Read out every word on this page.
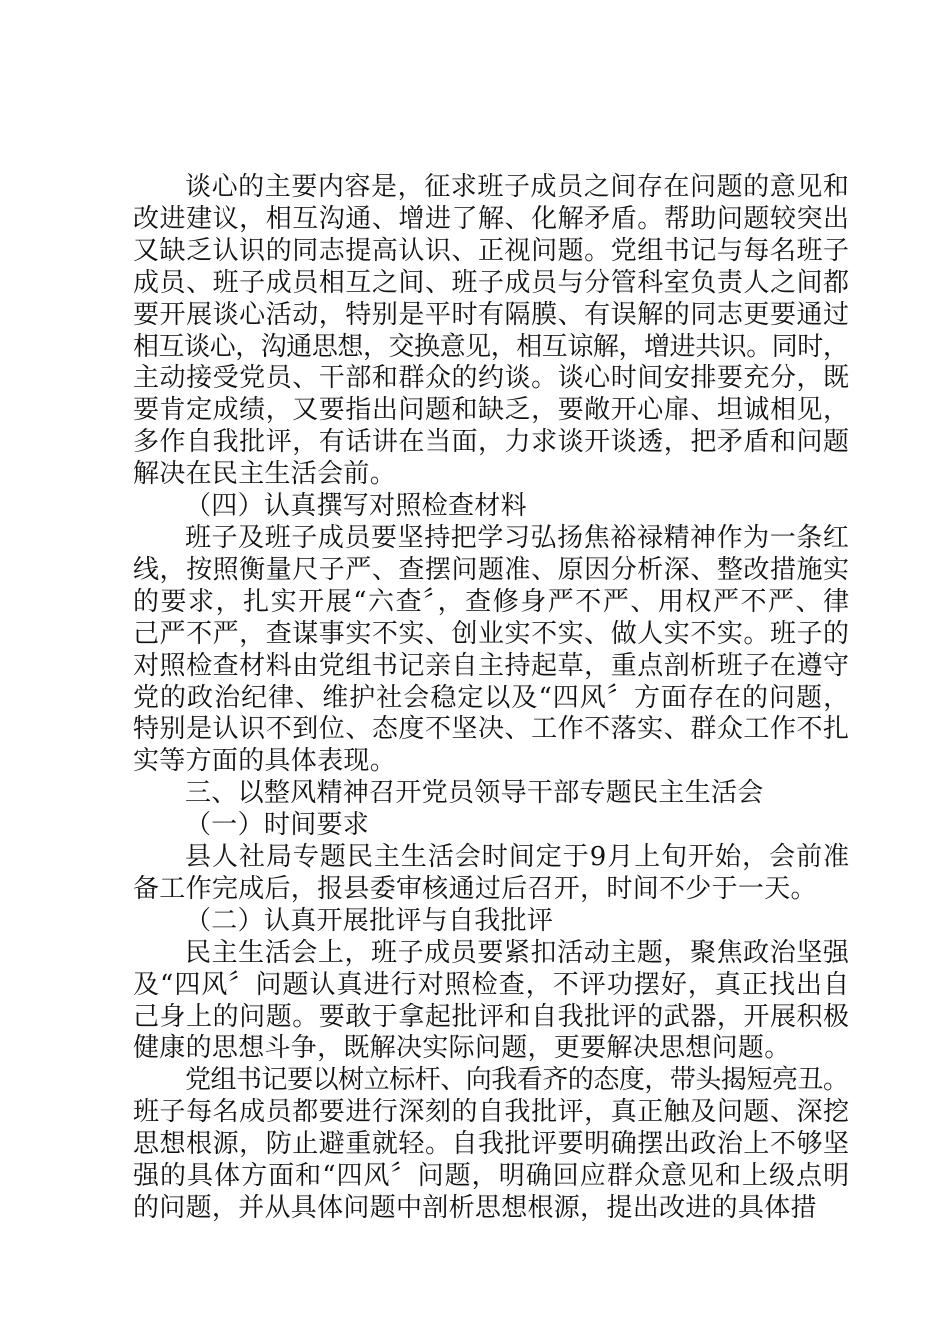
谈心的主要内容是，征求班子成员之间存在问题的意见和
改进建议，相互沟通、增进了解、化解矛盾。帮助问题较突出
又缺乏认识的同志提高认识、正视问题。党组书记与每名班子
成员、班子成员相互之间、班子成员与分管科室负责人之间都
要开展谈心活动，特别是平时有隔膜、有误解的同志更要通过
相互谈心，沟通思想，交换意见，相互谅解，增进共识。同时，
主动接受党员、干部和群众的约谈。谈心时间安排要充分，既
要肯定成绩，又要指出问题和缺乏，要敞开心扉、坦诚相见，
多作自我批评，有话讲在当面，力求谈开谈透，把矛盾和问题
解决在民主生活会前。
（四）认真撰写对照检查材料
班子及班子成员要坚持把学习弘扬焦裕禄精神作为一条红
线，按照衡量尺子严、查摆问题准、原因分析深、整改措施实
的要求，扎实开展“六查〞，查修身严不严、用权严不严、律
己严不严，查谋事实不实、创业实不实、做人实不实。班子的
对照检查材料由党组书记亲自主持起草，重点剖析班子在遵守
党的政治纪律、维护社会稳定以及“四风〞方面存在的问题，
特别是认识不到位、态度不坚决、工作不落实、群众工作不扎
实等方面的具体表现。
三、以整风精神召开党员领导干部专题民主生活会
（一）时间要求
县人社局专题民主生活会时间定于9月上旬开始，会前准
备工作完成后，报县委审核通过后召开，时间不少于一天。
（二）认真开展批评与自我批评
民主生活会上，班子成员要紧扣活动主题，聚焦政治坚强
及“四风〞问题认真进行对照检查，不评功摆好，真正找出自
己身上的问题。要敢于拿起批评和自我批评的武器，开展积极
健康的思想斗争，既解决实际问题，更要解决思想问题。
党组书记要以树立标杆、向我看齐的态度，带头揭短亮丑。
班子每名成员都要进行深刻的自我批评，真正触及问题、深挖
思想根源，防止避重就轻。自我批评要明确摆出政治上不够坚
强的具体方面和“四风〞问题，明确回应群众意见和上级点明
的问题，并从具体问题中剖析思想根源，提出改进的具体措
